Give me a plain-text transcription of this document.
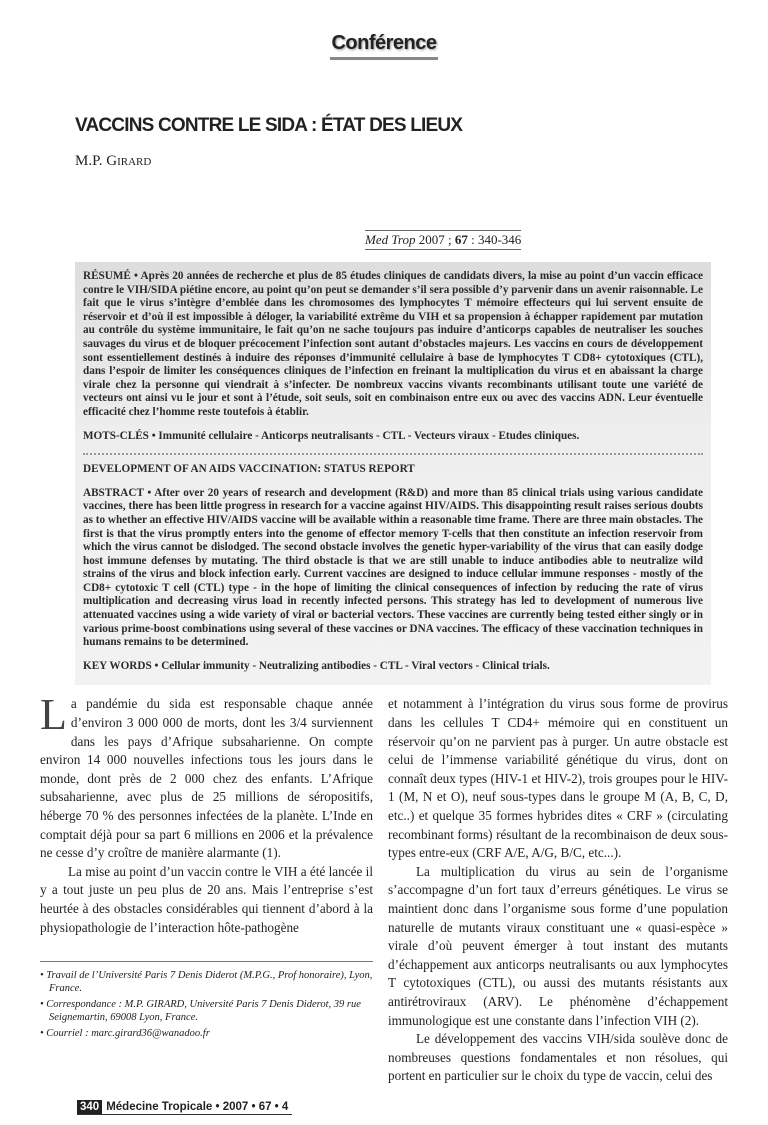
Conférence
VACCINS CONTRE LE SIDA : ÉTAT DES LIEUX
M.P. Girard
Med Trop 2007 ; 67 : 340-346

RÉSUMÉ • Après 20 années de recherche et plus de 85 études cliniques de candidats divers, la mise au point d’un vaccin efficace contre le VIH/SIDA piétine encore, au point qu’on peut se demander s’il sera possible d’y parvenir dans un avenir raisonnable. Le fait que le virus s’intègre d’emblée dans les chromosomes des lymphocytes T mémoire effecteurs qui lui servent ensuite de réservoir et d’où il est impossible à déloger, la variabilité extrême du VIH et sa propension à échapper rapidement par mutation au contrôle du système immunitaire, le fait qu’on ne sache toujours pas induire d’anticorps capables de neutraliser les souches sauvages du virus et de bloquer précocement l’infection sont autant d’obstacles majeurs. Les vaccins en cours de développement sont essentiellement destinés à induire des réponses d’immunité cellulaire à base de lymphocytes T CD8+ cytotoxiques (CTL), dans l’espoir de limiter les conséquences cliniques de l’infection en freinant la multiplication du virus et en abaissant la charge virale chez la personne qui viendrait à s’infecter. De nombreux vaccins vivants recombinants utilisant toute une variété de vecteurs ont ainsi vu le jour et sont à l’étude, soit seuls, soit en combinaison entre eux ou avec des vaccins ADN. Leur éventuelle efficacité chez l’homme reste toutefois à établir.

MOTS-CLÉS • Immunité cellulaire - Anticorps neutralisants - CTL - Vecteurs viraux - Etudes cliniques.

DEVELOPMENT OF AN AIDS VACCINATION: STATUS REPORT

ABSTRACT • After over 20 years of research and development (R&D) and more than 85 clinical trials using various candidate vaccines, there has been little progress in research for a vaccine against HIV/AIDS. This disappointing result raises serious doubts as to whether an effective HIV/AIDS vaccine will be available within a reasonable time frame. There are three main obstacles. The first is that the virus promptly enters into the genome of effector memory T-cells that then constitute an infection reservoir from which the virus cannot be dislodged. The second obstacle involves the genetic hyper-variability of the virus that can easily dodge host immune defenses by mutating. The third obstacle is that we are still unable to induce antibodies able to neutralize wild strains of the virus and block infection early. Current vaccines are designed to induce cellular immune responses - mostly of the CD8+ cytotoxic T cell (CTL) type - in the hope of limiting the clinical consequences of infection by reducing the rate of virus multiplication and decreasing virus load in recently infected persons. This strategy has led to development of numerous live attenuated vaccines using a wide variety of viral or bacterial vectors. These vaccines are currently being tested either singly or in various prime-boost combinations using several of these vaccines or DNA vaccines. The efficacy of these vaccination techniques in humans remains to be determined.

KEY WORDS • Cellular immunity - Neutralizing antibodies - CTL - Viral vectors - Clinical trials.

La pandémie du sida est responsable chaque année d’environ 3 000 000 de morts, dont les 3/4 surviennent dans les pays d’Afrique subsaharienne. On compte environ 14 000 nouvelles infections tous les jours dans le monde, dont près de 2 000 chez des enfants. L’Afrique subsaharienne, avec plus de 25 millions de séropositifs, héberge 70 % des personnes infectées de la planète. L’Inde en comptait déjà pour sa part 6 millions en 2006 et la prévalence ne cesse d’y croître de manière alarmante (1).

La mise au point d’un vaccin contre le VIH a été lancée il y a tout juste un peu plus de 20 ans. Mais l’entreprise s’est heurtée à des obstacles considérables qui tiennent d’abord à la physiopathologie de l’interaction hôte-pathogène

• Travail de l’Université Paris 7 Denis Diderot (M.P.G., Prof honoraire), Lyon, France.
• Correspondance : M.P. GIRARD, Université Paris 7 Denis Diderot, 39 rue Seignemartin, 69008 Lyon, France.
• Courriel : marc.girard36@wanadoo.fr

et notamment à l’intégration du virus sous forme de provirus dans les cellules T CD4+ mémoire qui en constituent un réservoir qu’on ne parvient pas à purger. Un autre obstacle est celui de l’immense variabilité génétique du virus, dont on connaît deux types (HIV-1 et HIV-2), trois groupes pour le HIV-1 (M, N et O), neuf sous-types dans le groupe M (A, B, C, D, etc..) et quelque 35 formes hybrides dites « CRF » (circulating recombinant forms) résultant de la recombinaison de deux sous-types entre-eux (CRF A/E, A/G, B/C, etc...).

La multiplication du virus au sein de l’organisme s’accompagne d’un fort taux d’erreurs génétiques. Le virus se maintient donc dans l’organisme sous forme d’une population naturelle de mutants viraux constituant une « quasi-espèce » virale d’où peuvent émerger à tout instant des mutants d’échappement aux anticorps neutralisants ou aux lymphocytes T cytotoxiques (CTL), ou aussi des mutants résistants aux antirétroviraux (ARV). Le phénomène d’échappement immunologique est une constante dans l’infection VIH (2).

Le développement des vaccins VIH/sida soulève donc de nombreuses questions fondamentales et non résolues, qui portent en particulier sur le choix du type de vaccin, celui des

340 Médecine Tropicale • 2007 • 67 • 4
